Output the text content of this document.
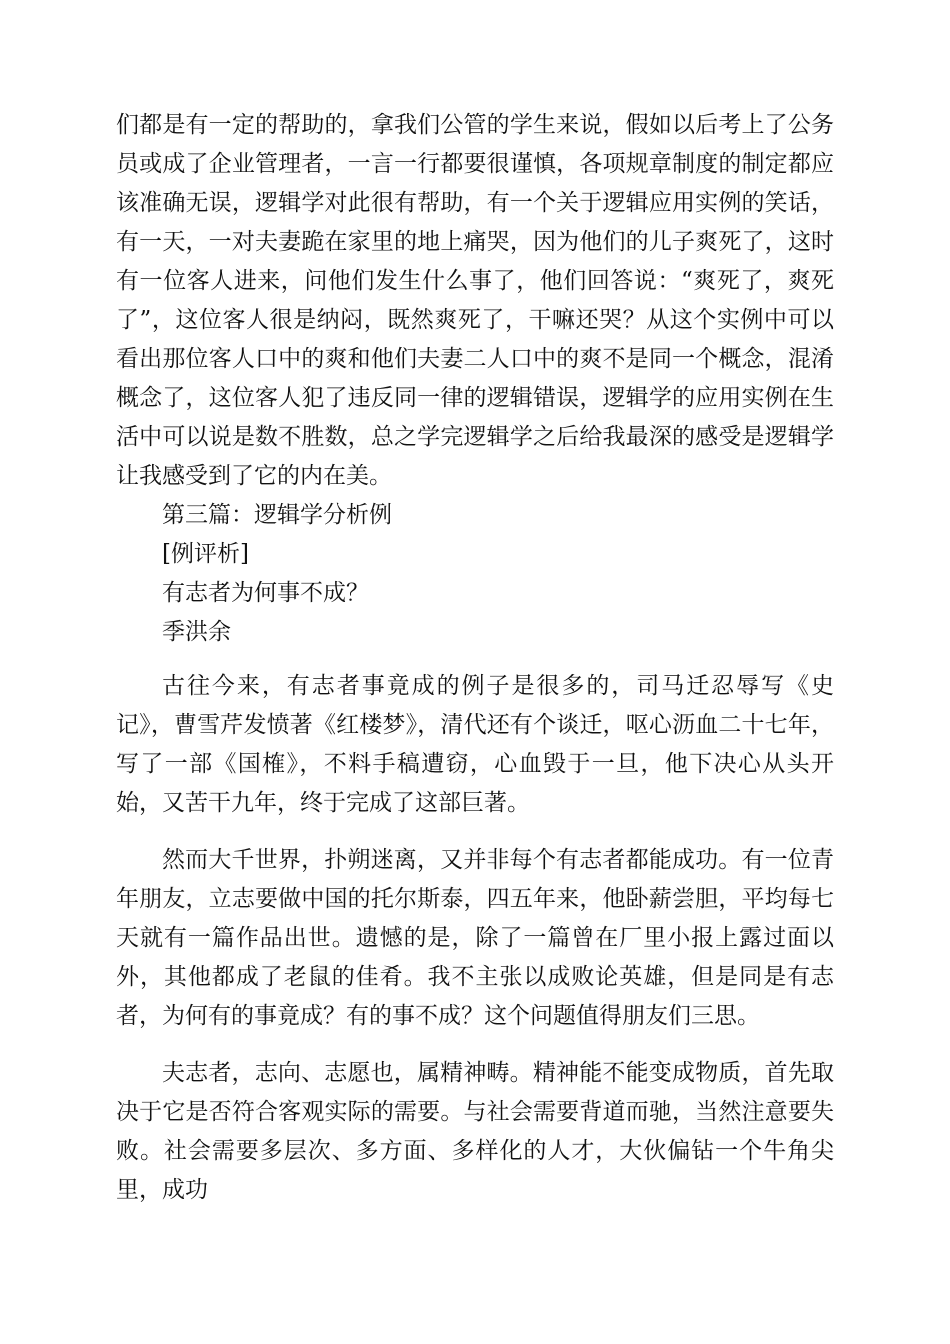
们都是有一定的帮助的，拿我们公管的学生来说，假如以后考上了公务员或成了企业管理者，一言一行都要很谨慎，各项规章制度的制定都应该准确无误，逻辑学对此很有帮助，有一个关于逻辑应用实例的笑话，有一天，一对夫妻跪在家里的地上痛哭，因为他们的儿子爽死了，这时有一位客人进来，问他们发生什么事了，他们回答说：“爽死了，爽死了”，这位客人很是纳闷，既然爽死了，干嘛还哭？从这个实例中可以看出那位客人口中的爽和他们夫妻二人口中的爽不是同一个概念，混淆概念了，这位客人犯了违反同一律的逻辑错误，逻辑学的应用实例在生活中可以说是数不胜数，总之学完逻辑学之后给我最深的感受是逻辑学让我感受到了它的内在美。

第三篇：逻辑学分析例

[例评析]

有志者为何事不成？

季洪余

古往今来，有志者事竟成的例子是很多的，司马迁忍辱写《史记》，曹雪芹发愤著《红楼梦》，清代还有个谈迁，呕心沥血二十七年，写了一部《国榷》，不料手稿遭窃，心血毁于一旦，他下决心从头开始，又苦干九年，终于完成了这部巨著。

然而大千世界，扑朔迷离，又并非每个有志者都能成功。有一位青年朋友，立志要做中国的托尔斯泰，四五年来，他卧薪尝胆，平均每七天就有一篇作品出世。遗憾的是，除了一篇曾在厂里小报上露过面以外，其他都成了老鼠的佳肴。我不主张以成败论英雄，但是同是有志者，为何有的事竟成？有的事不成？这个问题值得朋友们三思。

夫志者，志向、志愿也，属精神畴。精神能不能变成物质，首先取决于它是否符合客观实际的需要。与社会需要背道而驰，当然注意要失败。社会需要多层次、多方面、多样化的人才，大伙偏钻一个牛角尖里，成功
